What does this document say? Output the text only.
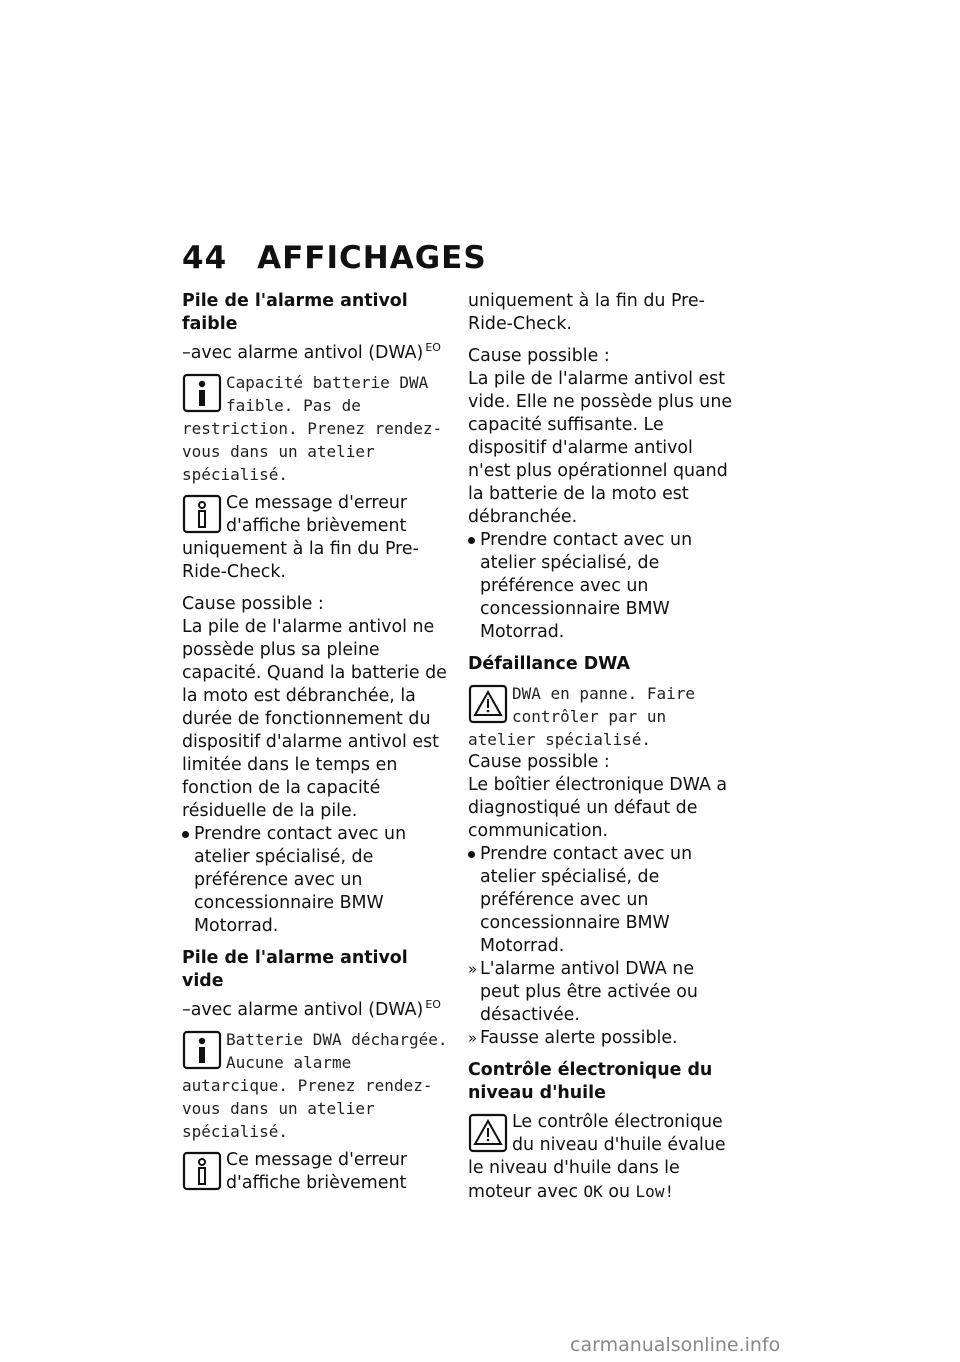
44 AFFICHAGES

Pile de l'alarme antivol faible

–avec alarme antivol (DWA) $^{EO}$

Capacité batterie DWA faible. Pas de restriction. Prenez rendez-vous dans un atelier spécialisé.

Ce message d'erreur d'affiche brièvement uniquement à la fin du Pre-Ride-Check.

Cause possible :

La pile de l'alarme antivol ne possède plus sa pleine capacité. Quand la batterie de la moto est débranchée, la durée de fonctionnement du dispositif d'alarme antivol est limitée dans le temps en fonction de la capacité résiduelle de la pile.

Prendre contact avec un atelier spécialisé, de préférence avec un concessionnaire BMW Motorrad.

Pile de l'alarme antivol vide

–avec alarme antivol (DWA) $^{EO}$

Batterie DWA déchargée. Aucune alarme autarcique. Prenez rendez-vous dans un atelier spécialisé.

Ce message d'erreur d'affiche brièvement

uniquement à la fin du Pre-Ride-Check.

Cause possible :

La pile de l'alarme antivol est vide. Elle ne possède plus une capacité suffisante. Le dispositif d'alarme antivol n'est plus opérationnel quand la batterie de la moto est débranchée.

Prendre contact avec un atelier spécialisé, de préférence avec un concessionnaire BMW Motorrad.

Défaillance DWA

DWA en panne. Faire contrôler par un atelier spécialisé.

Cause possible :

Le boîtier électronique DWA a diagnostiqué un défaut de communication.

Prendre contact avec un atelier spécialisé, de préférence avec un concessionnaire BMW Motorrad.
» L'alarme antivol DWA ne peut plus être activée ou désactivée.
» Fausse alerte possible.

Contrôle électronique du niveau d'huile

Le contrôle électronique du niveau d'huile évalue le niveau d'huile dans le moteur avec OK ou Low!

carmanualsonline.info
